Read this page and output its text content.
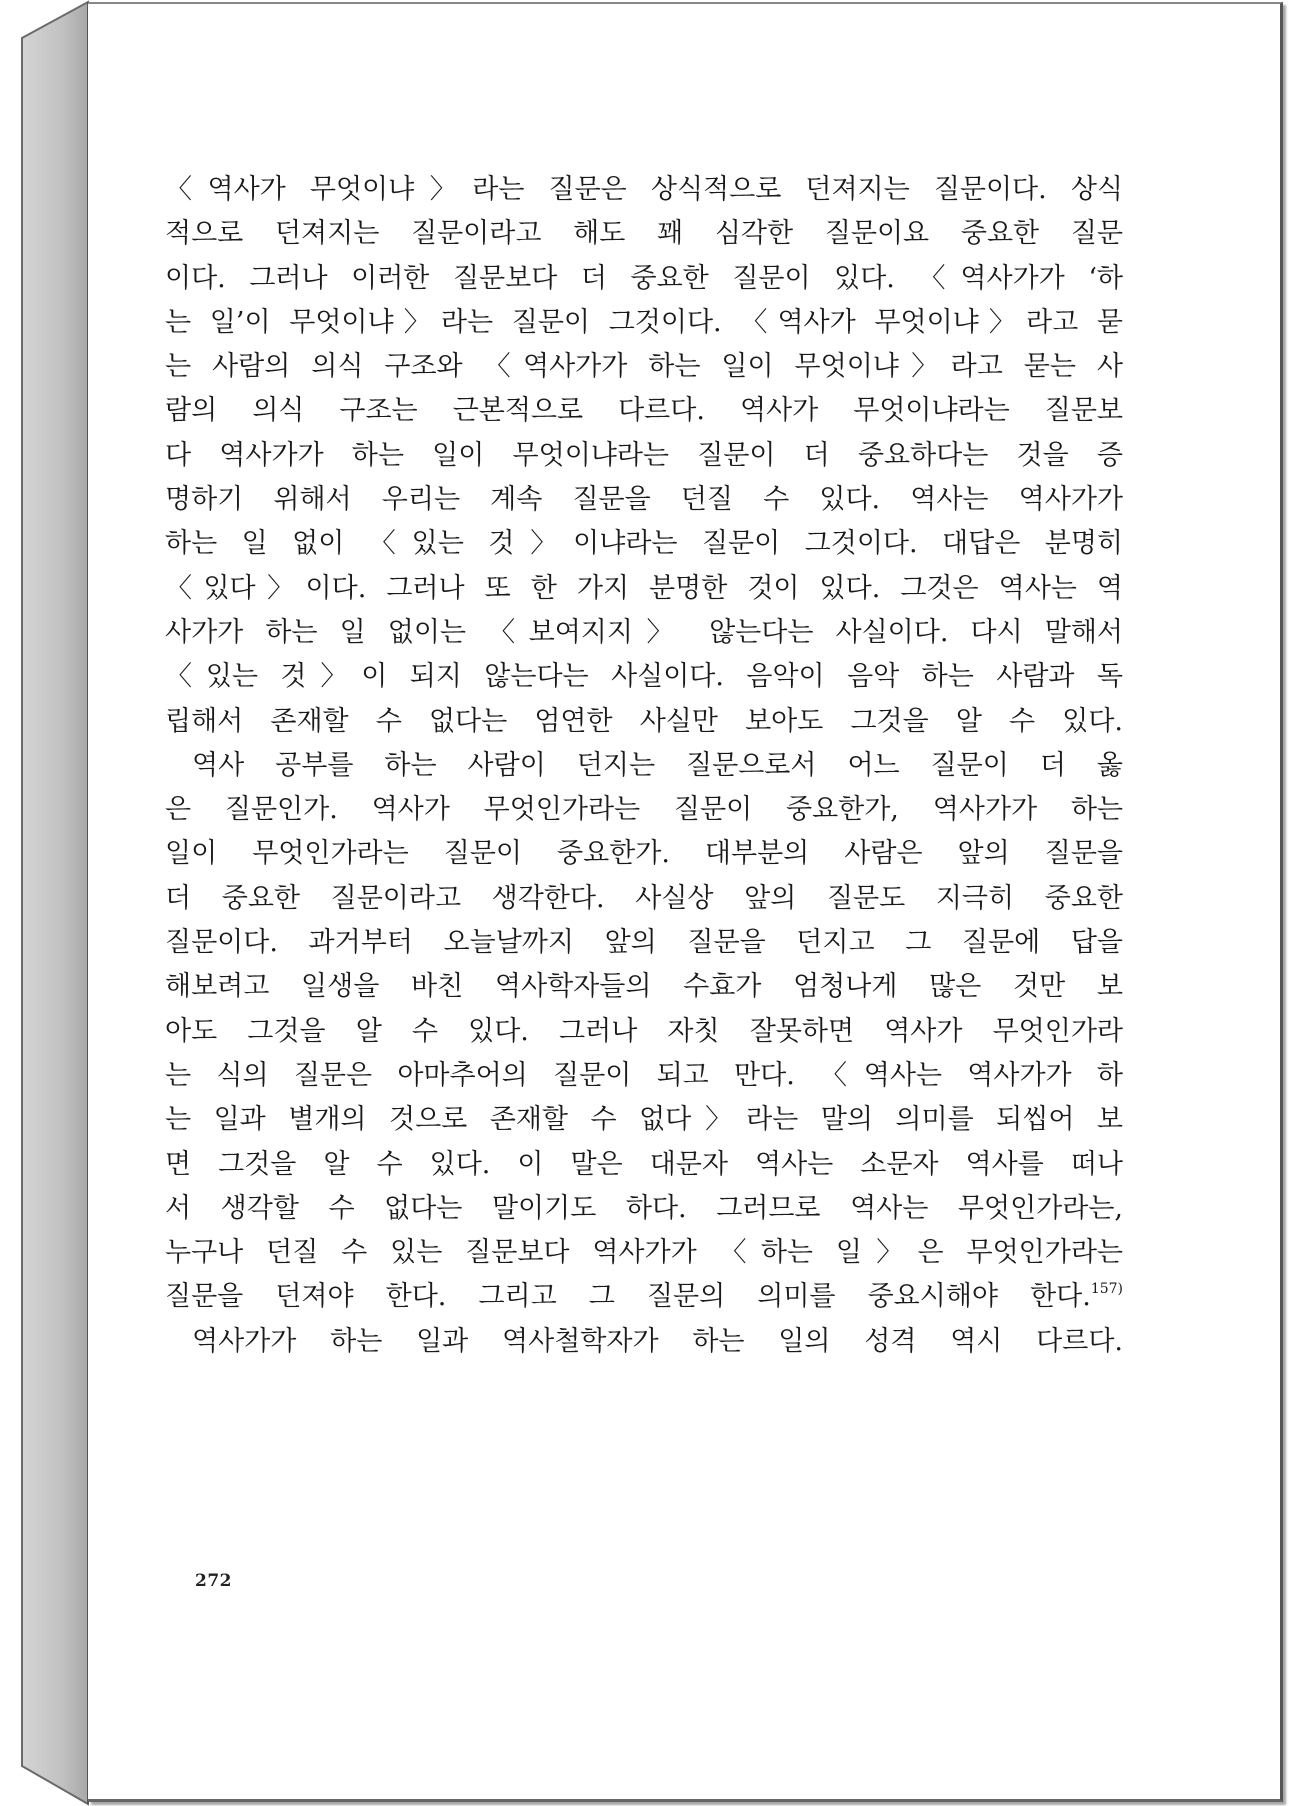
〈역사가 무엇이냐〉라는 질문은 상식적으로 던져지는 질문이다. 상식
적으로 던져지는 질문이라고 해도 꽤 심각한 질문이요 중요한 질문
이다. 그러나 이러한 질문보다 더 중요한 질문이 있다. 〈역사가가 ‘하
는 일’이 무엇이냐〉라는 질문이 그것이다. 〈역사가 무엇이냐〉라고 묻
는 사람의 의식 구조와 〈역사가가 하는 일이 무엇이냐〉라고 묻는 사
람의 의식 구조는 근본적으로 다르다. 역사가 무엇이냐라는 질문보
다 역사가가 하는 일이 무엇이냐라는 질문이 더 중요하다는 것을 증
명하기 위해서 우리는 계속 질문을 던질 수 있다. 역사는 역사가가
하는 일 없이 〈있는 것〉이냐라는 질문이 그것이다. 대답은 분명히
〈있다〉이다. 그러나 또 한 가지 분명한 것이 있다. 그것은 역사는 역
사가가 하는 일 없이는 〈보여지지〉 않는다는 사실이다. 다시 말해서
〈있는 것〉이 되지 않는다는 사실이다. 음악이 음악 하는 사람과 독
립해서 존재할 수 없다는 엄연한 사실만 보아도 그것을 알 수 있다.
역사 공부를 하는 사람이 던지는 질문으로서 어느 질문이 더 옳
은 질문인가. 역사가 무엇인가라는 질문이 중요한가, 역사가가 하는
일이 무엇인가라는 질문이 중요한가. 대부분의 사람은 앞의 질문을
더 중요한 질문이라고 생각한다. 사실상 앞의 질문도 지극히 중요한
질문이다. 과거부터 오늘날까지 앞의 질문을 던지고 그 질문에 답을
해보려고 일생을 바친 역사학자들의 수효가 엄청나게 많은 것만 보
아도 그것을 알 수 있다. 그러나 자칫 잘못하면 역사가 무엇인가라
는 식의 질문은 아마추어의 질문이 되고 만다. 〈역사는 역사가가 하
는 일과 별개의 것으로 존재할 수 없다〉라는 말의 의미를 되씹어 보
면 그것을 알 수 있다. 이 말은 대문자 역사는 소문자 역사를 떠나
서 생각할 수 없다는 말이기도 하다. 그러므로 역사는 무엇인가라는,
누구나 던질 수 있는 질문보다 역사가가 〈하는 일〉은 무엇인가라는
질문을 던져야 한다. 그리고 그 질문의 의미를 중요시해야 한다.$^{157)}$
역사가가 하는 일과 역사철학자가 하는 일의 성격 역시 다르다.
272
